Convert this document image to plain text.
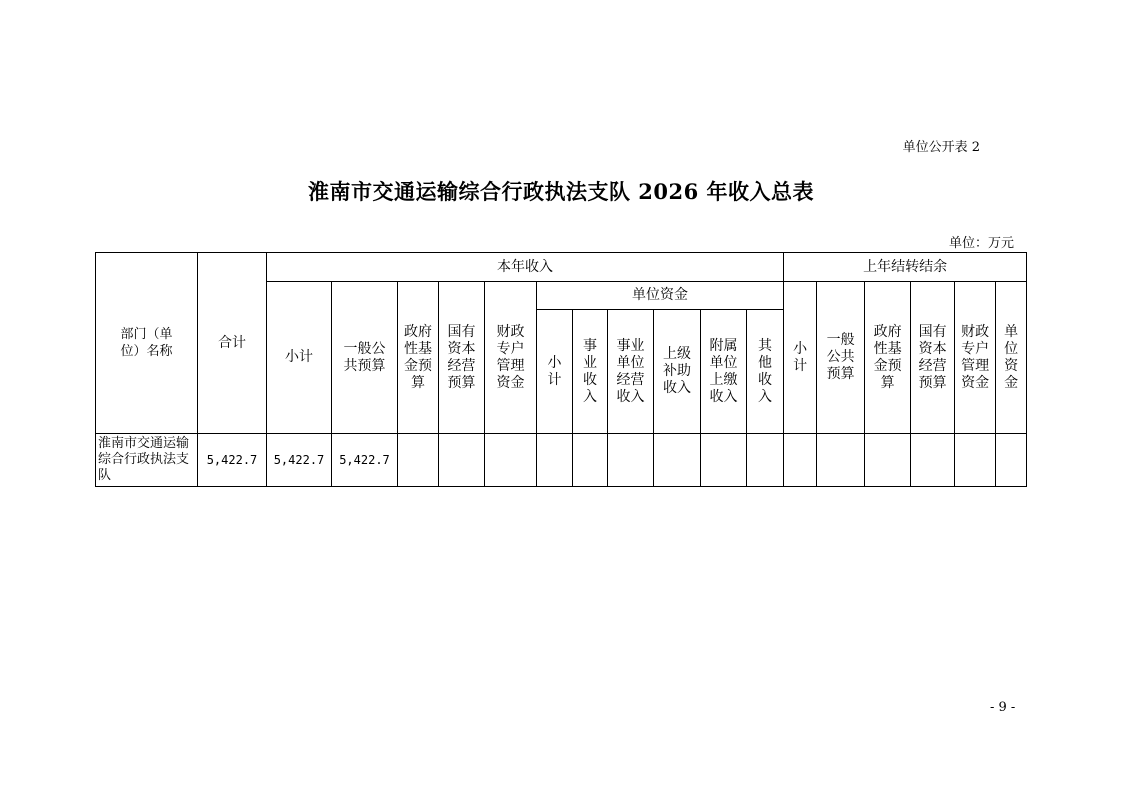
单位公开表 2
淮南市交通运输综合行政执法支队 2026 年收入总表
单位：万元
部门（单位）名称	合计	本年收入											上年结转结余					
		小计	一般公共预算	政府性基金预算	国有资本经营预算	财政专户管理资金	单位资金						小计	一般公共预算	政府性基金预算	国有资本经营预算	财政专户管理资金	单位资金
							小计	事业收入	事业单位经营收入	上级补助收入	附属单位上缴收入	其他收入						
淮南市交通运输综合行政执法支队	5,422.7	5,422.7	5,422.7															
- 9 -
